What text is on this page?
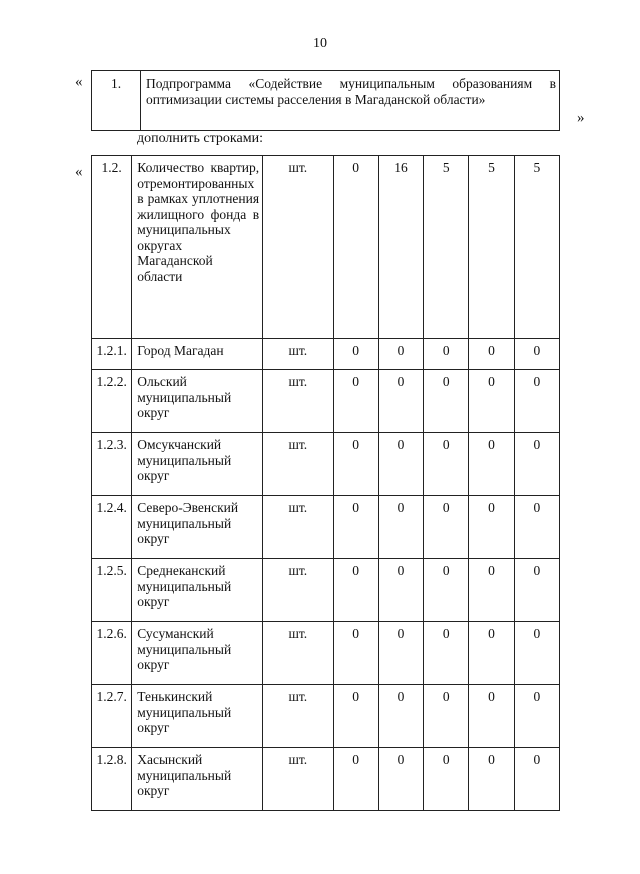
10
«
»
«
1.	Подпрограмма «Содействие муниципальным образованиям в оптимизации системы расселения в Магаданской области»
дополнить строками:
1.2.	Количество квартир, отремонтированных в рамках уплотнения жилищного фонда в муниципальных округах Магаданской области	шт.	0	16	5	5	5
1.2.1.	Город Магадан	шт.	0	0	0	0	0
1.2.2.	Ольский муниципальный округ	шт.	0	0	0	0	0
1.2.3.	Омсукчанский муниципальный округ	шт.	0	0	0	0	0
1.2.4.	Северо-Эвенский муниципальный округ	шт.	0	0	0	0	0
1.2.5.	Среднеканский муниципальный округ	шт.	0	0	0	0	0
1.2.6.	Сусуманский муниципальный округ	шт.	0	0	0	0	0
1.2.7.	Тенькинский муниципальный округ	шт.	0	0	0	0	0
1.2.8.	Хасынский муниципальный округ	шт.	0	0	0	0	0
